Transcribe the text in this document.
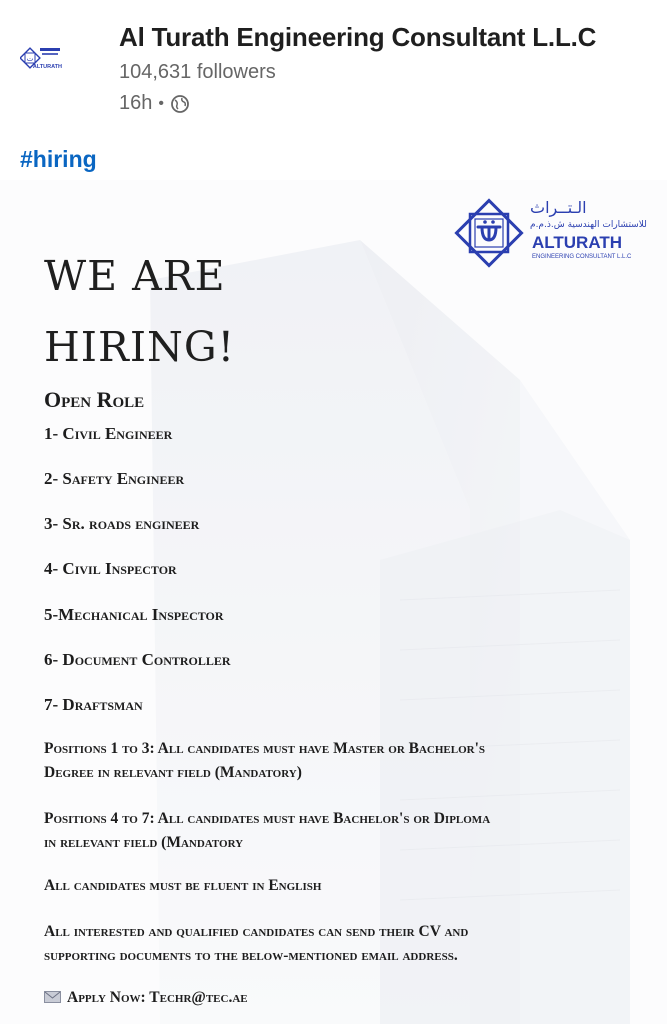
ت
ALTURATH
Al Turath Engineering Consultant L.L.C
104,631 followers
16h •
#hiring
الـتــراث
للاستشارات الهندسية ش.ذ.م.م
ALTURATH
ENGINEERING CONSULTANT L.L.C
WE ARE
HIRING!
Open Role
1- Civil Engineer
2- Safety Engineer
3- Sr. roads engineer
4- Civil Inspector
5-Mechanical Inspector
6- Document Controller
7- Draftsman
Positions 1 to 3: All candidates must have Master or Bachelor's
Degree in relevant field (Mandatory)
Positions 4 to 7: All candidates must have Bachelor's or Diploma
in relevant field (Mandatory
All candidates must be fluent in English
All interested and qualified candidates can send their CV and
supporting documents to the below-mentioned email address.
Apply Now: Techr@tec.ae
